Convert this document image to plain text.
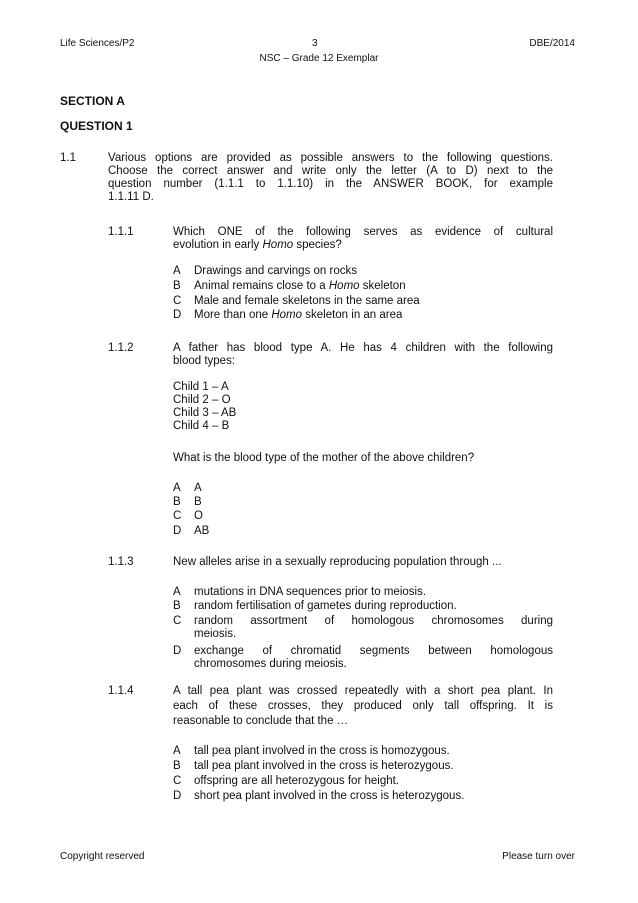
Life Sciences/P2	3	DBE/2014
NSC – Grade 12 Exemplar
SECTION A
QUESTION 1
1.1	Various options are provided as possible answers to the following questions.
Choose the correct answer and write only the letter (A to D) next to the
question number (1.1.1 to 1.1.10) in the ANSWER BOOK, for example
1.1.11 D.
1.1.1	Which ONE of the following serves as evidence of cultural
evolution in early Homo species?
A Drawings and carvings on rocks
B Animal remains close to a Homo skeleton
C Male and female skeletons in the same area
D More than one Homo skeleton in an area
1.1.2	A father has blood type A. He has 4 children with the following
blood types:
Child 1 – A
Child 2 – O
Child 3 – AB
Child 4 – B
What is the blood type of the mother of the above children?
A A
B B
C O
D AB
1.1.3	New alleles arise in a sexually reproducing population through ...
A mutations in DNA sequences prior to meiosis.
B random fertilisation of gametes during reproduction.
C	random assortment of homologous chromosomes during
meiosis.
D	exchange of chromatid segments between homologous
chromosomes during meiosis.
1.1.4	A tall pea plant was crossed repeatedly with a short pea plant. In
each of these crosses, they produced only tall offspring. It is
reasonable to conclude that the …
A tall pea plant involved in the cross is homozygous.
B tall pea plant involved in the cross is heterozygous.
C offspring are all heterozygous for height.
D short pea plant involved in the cross is heterozygous.
Copyright reserved	Please turn over
